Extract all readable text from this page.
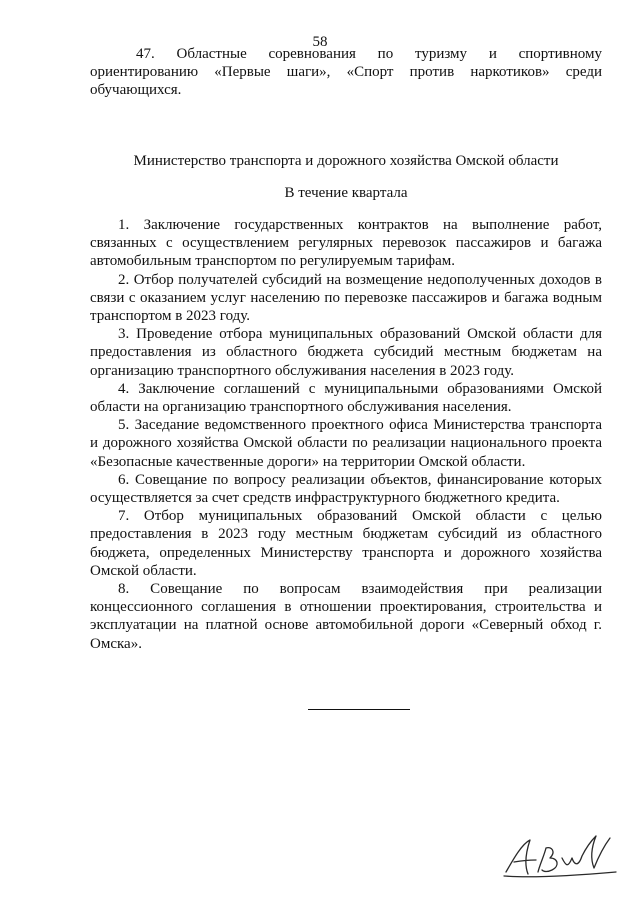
58

47. Областные соревнования по туризму и спортивному ориентированию «Первые шаги», «Спорт против наркотиков» среди обучающихся.

Министерство транспорта и дорожного хозяйства Омской области

В течение квартала

1. Заключение государственных контрактов на выполнение работ, связанных с осуществлением регулярных перевозок пассажиров и багажа автомобильным транспортом по регулируемым тарифам.

2. Отбор получателей субсидий на возмещение недополученных доходов в связи с оказанием услуг населению по перевозке пассажиров и багажа водным транспортом в 2023 году.

3. Проведение отбора муниципальных образований Омской области для предоставления из областного бюджета субсидий местным бюджетам на организацию транспортного обслуживания населения в 2023 году.

4. Заключение соглашений с муниципальными образованиями Омской области на организацию транспортного обслуживания населения.

5. Заседание ведомственного проектного офиса Министерства транспорта и дорожного хозяйства Омской области по реализации национального проекта «Безопасные качественные дороги» на территории Омской области.

6. Совещание по вопросу реализации объектов, финансирование которых осуществляется за счет средств инфраструктурного бюджетного кредита.

7. Отбор муниципальных образований Омской области с целью предоставления в 2023 году местным бюджетам субсидий из областного бюджета, определенных Министерству транспорта и дорожного хозяйства Омской области.

8. Совещание по вопросам взаимодействия при реализации концессионного соглашения в отношении проектирования, строительства и эксплуатации на платной основе автомобильной дороги «Северный обход г. Омска».
